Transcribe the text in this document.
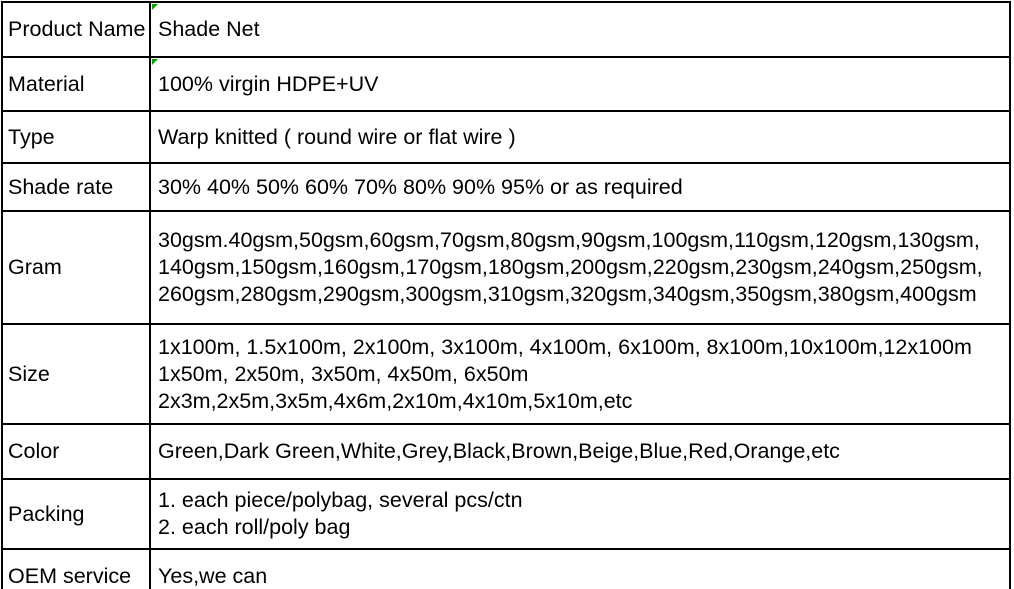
Product Name	Shade Net

Material	100% virgin HDPE+UV

Type	Warp knitted ( round wire or flat wire )

Shade rate	30% 40% 50% 60% 70% 80% 90% 95% or as required

Gram	30gsm.40gsm,50gsm,60gsm,70gsm,80gsm,90gsm,100gsm,110gsm,120gsm,130gsm,
140gsm,150gsm,160gsm,170gsm,180gsm,200gsm,220gsm,230gsm,240gsm,250gsm,
260gsm,280gsm,290gsm,300gsm,310gsm,320gsm,340gsm,350gsm,380gsm,400gsm

Size	1x100m, 1.5x100m, 2x100m, 3x100m, 4x100m, 6x100m, 8x100m,10x100m,12x100m
1x50m, 2x50m, 3x50m, 4x50m, 6x50m
2x3m,2x5m,3x5m,4x6m,2x10m,4x10m,5x10m,etc

Color	Green,Dark Green,White,Grey,Black,Brown,Beige,Blue,Red,Orange,etc

Packing	1. each piece/polybag, several pcs/ctn
2. each roll/poly bag

OEM service	Yes,we can
